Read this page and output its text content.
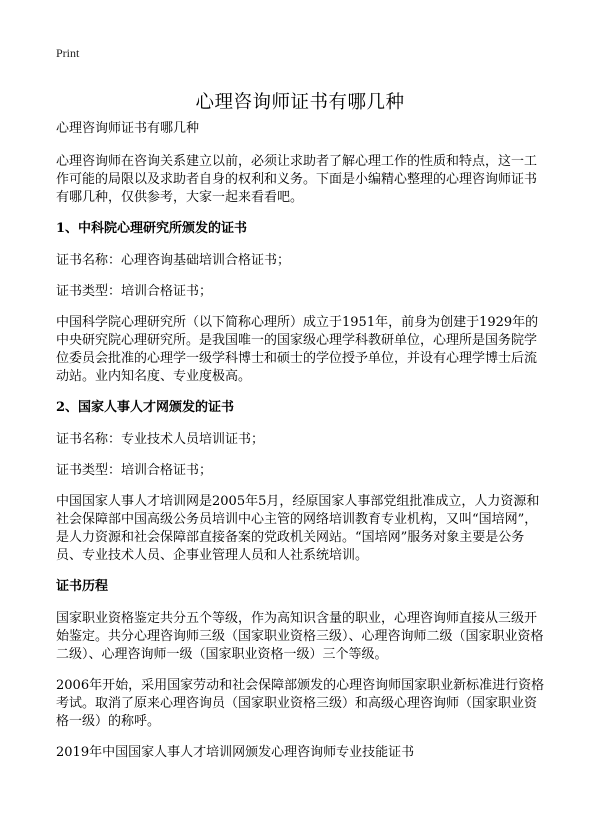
Print
心理咨询师证书有哪几种

心理咨询师证书有哪几种

心理咨询师在咨询关系建立以前，必须让求助者了解心理工作的性质和特点，这一工作可能的局限以及求助者自身的权利和义务。下面是小编精心整理的心理咨询师证书有哪几种，仅供参考，大家一起来看看吧。

1、中科院心理研究所颁发的证书

证书名称：心理咨询基础培训合格证书；

证书类型：培训合格证书；

中国科学院心理研究所（以下简称心理所）成立于1951年，前身为创建于1929年的中央研究院心理研究所。是我国唯一的国家级心理学科教研单位，心理所是国务院学位委员会批准的心理学一级学科博士和硕士的学位授予单位，并设有心理学博士后流动站。业内知名度、专业度极高。

2、国家人事人才网颁发的证书

证书名称：专业技术人员培训证书；

证书类型：培训合格证书；

中国国家人事人才培训网是2005年5月，经原国家人事部党组批准成立，人力资源和社会保障部中国高级公务员培训中心主管的网络培训教育专业机构，又叫“国培网”，是人力资源和社会保障部直接备案的党政机关网站。“国培网”服务对象主要是公务员、专业技术人员、企事业管理人员和人社系统培训。

证书历程

国家职业资格鉴定共分五个等级，作为高知识含量的职业，心理咨询师直接从三级开始鉴定。共分心理咨询师三级（国家职业资格三级）、心理咨询师二级（国家职业资格二级）、心理咨询师一级（国家职业资格一级）三个等级。

2006年开始，采用国家劳动和社会保障部颁发的心理咨询师国家职业新标准进行资格考试。取消了原来心理咨询员（国家职业资格三级）和高级心理咨询师（国家职业资格一级）的称呼。

2019年中国国家人事人才培训网颁发心理咨询师专业技能证书
